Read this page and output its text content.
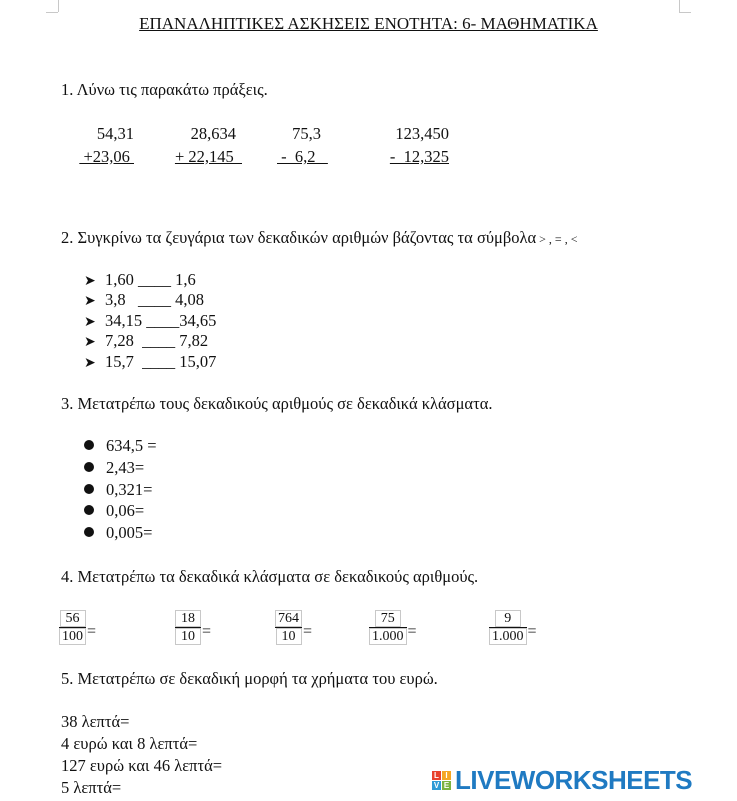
ΕΠΑΝΑΛΗΠΤΙΚΕΣ ΑΣΚΗΣΕΙΣ ΕΝΟΤΗΤΑ: 6- ΜΑΘΗΜΑΤΙΚΑ
1. Λύνω τις παρακάτω πράξεις.
54,31
+23,06
28,634
+ 22,145
75,3
-  6,2
123,450
-  12,325
2. Συγκρίνω τα ζευγάρια των δεκαδικών αριθμών βάζοντας τα σύμβολα > , = , <
➤ 1,60 ____ 1,6
➤ 3,8   ____ 4,08
➤ 34,15 ____34,65
➤ 7,28  ____ 7,82
➤ 15,7  ____ 15,07
3. Μετατρέπω τους δεκαδικούς αριθμούς σε δεκαδικά κλάσματα.
634,5 =
2,43=
0,321=
0,06=
0,005=
4. Μετατρέπω τα δεκαδικά κλάσματα σε δεκαδικούς αριθμούς.
$\frac{56}{100}$ =	$\frac{18}{10}$ =	$\frac{764}{10}$ =	$\frac{75}{1.000}$ =	$\frac{9}{1.000}$ =
5. Μετατρέπω σε δεκαδική μορφή τα χρήματα του ευρώ.
38 λεπτά=
4 ευρώ και 8 λεπτά=
127 ευρώ και 46 λεπτά=
5 λεπτά=
L I
V E LIVEWORKSHEETS
